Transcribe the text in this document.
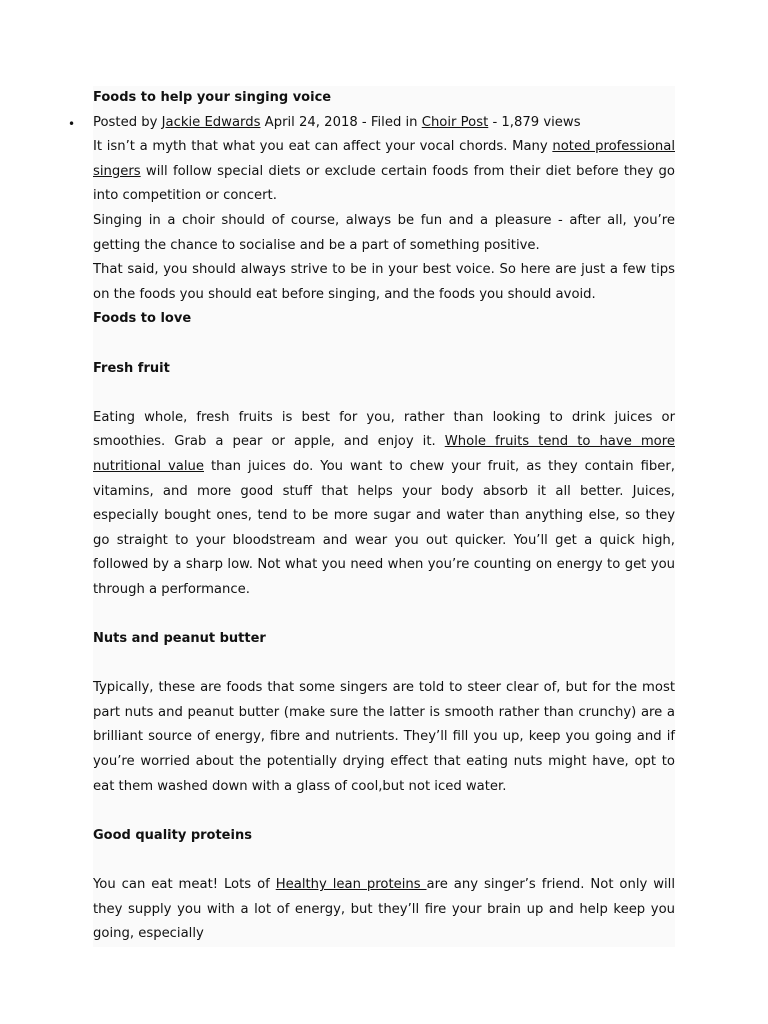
Foods to help your singing voice

• Posted by Jackie Edwards April 24, 2018 - Filed in Choir Post - 1,879 views

It isn’t a myth that what you eat can affect your vocal chords. Many noted professional singers will follow special diets or exclude certain foods from their diet before they go into competition or concert.

Singing in a choir should of course, always be fun and a pleasure - after all, you’re getting the chance to socialise and be a part of something positive.

That said, you should always strive to be in your best voice. So here are just a few tips on the foods you should eat before singing, and the foods you should avoid.

Foods to love

Fresh fruit

Eating whole, fresh fruits is best for you, rather than looking to drink juices or smoothies. Grab a pear or apple, and enjoy it. Whole fruits tend to have more nutritional value than juices do. You want to chew your fruit, as they contain fiber, vitamins, and more good stuff that helps your body absorb it all better. Juices, especially bought ones, tend to be more sugar and water than anything else, so they go straight to your bloodstream and wear you out quicker. You’ll get a quick high, followed by a sharp low. Not what you need when you’re counting on energy to get you through a performance.

Nuts and peanut butter

Typically, these are foods that some singers are told to steer clear of, but for the most part nuts and peanut butter (make sure the latter is smooth rather than crunchy) are a brilliant source of energy, fibre and nutrients. They’ll fill you up, keep you going and if you’re worried about the potentially drying effect that eating nuts might have, opt to eat them washed down with a glass of cool,but not iced water.

Good quality proteins

You can eat meat! Lots of Healthy lean proteins are any singer’s friend. Not only will they supply you with a lot of energy, but they’ll fire your brain up and help keep you going, especially
